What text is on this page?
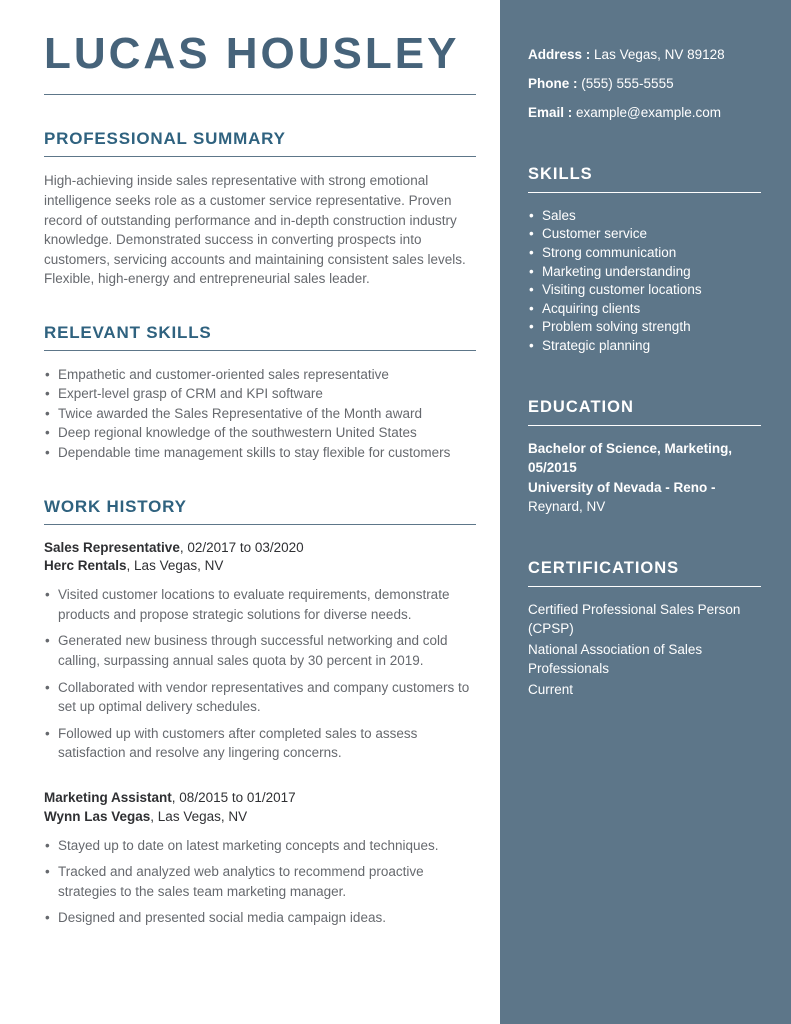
LUCAS HOUSLEY
PROFESSIONAL SUMMARY

High-achieving inside sales representative with strong emotional intelligence seeks role as a customer service representative. Proven record of outstanding performance and in-depth construction industry knowledge. Demonstrated success in converting prospects into customers, servicing accounts and maintaining consistent sales levels. Flexible, high-energy and entrepreneurial sales leader.

RELEVANT SKILLS
• Empathetic and customer-oriented sales representative
• Expert-level grasp of CRM and KPI software
• Twice awarded the Sales Representative of the Month award
• Deep regional knowledge of the southwestern United States
• Dependable time management skills to stay flexible for customers
WORK HISTORY

Sales Representative, 02/2017 to 03/2020

Herc Rentals, Las Vegas, NV

• Visited customer locations to evaluate requirements, demonstrate products and propose strategic solutions for diverse needs.
• Generated new business through successful networking and cold calling, surpassing annual sales quota by 30 percent in 2019.
• Collaborated with vendor representatives and company customers to set up optimal delivery schedules.
• Followed up with customers after completed sales to assess satisfaction and resolve any lingering concerns.

Marketing Assistant, 08/2015 to 01/2017

Wynn Las Vegas, Las Vegas, NV

• Stayed up to date on latest marketing concepts and techniques.
• Tracked and analyzed web analytics to recommend proactive strategies to the sales team marketing manager.
• Designed and presented social media campaign ideas.

Address : Las Vegas, NV 89128

Phone : (555) 555-5555

Email : example@example.com

SKILLS
• Sales
• Customer service
• Strong communication
• Marketing understanding
• Visiting customer locations
• Acquiring clients
• Problem solving strength
• Strategic planning
EDUCATION

Bachelor of Science, Marketing, 05/2015

University of Nevada - Reno - Reynard, NV

CERTIFICATIONS

Certified Professional Sales Person (CPSP)

National Association of Sales Professionals

Current
